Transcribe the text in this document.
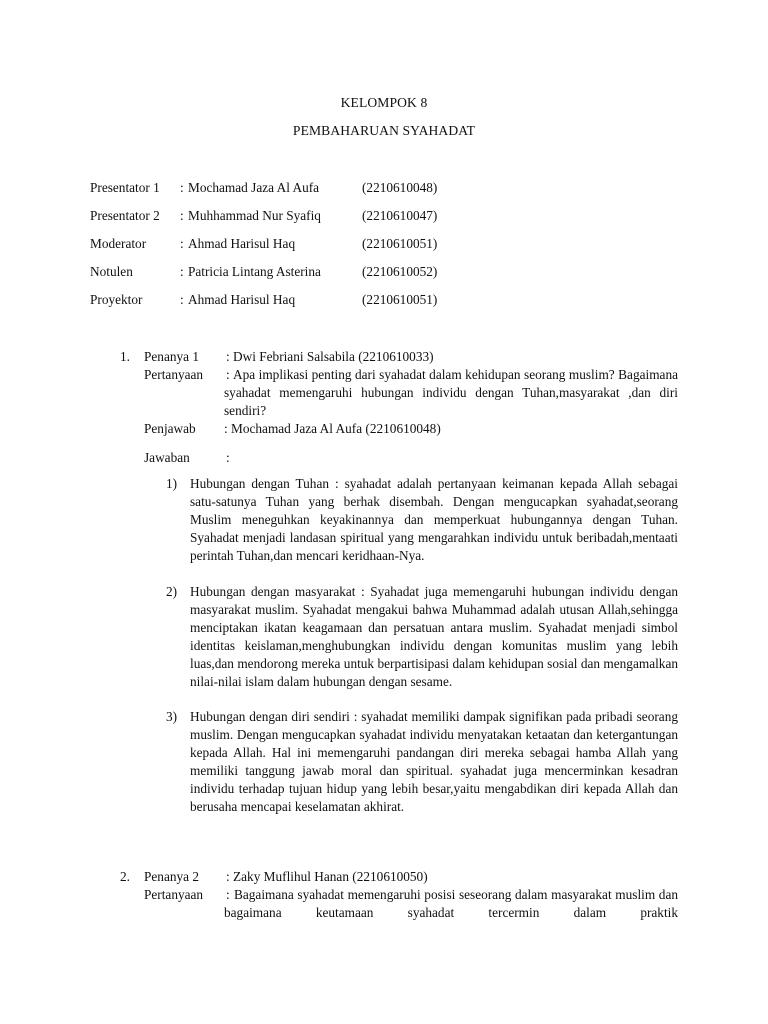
KELOMPOK 8
PEMBAHARUAN SYAHADAT
Presentator 1 : Mochamad Jaza Al Aufa	(2210610048)
Presentator 2 : Muhhammad Nur Syafiq	(2210610047)
Moderator	: Ahmad Harisul Haq	(2210610051)
Notulen	: Patricia Lintang Asterina	(2210610052)
Proyektor	: Ahmad Harisul Haq	(2210610051)
1. Penanya 1 : Dwi Febriani Salsabila (2210610033)
Pertanyaan : Apa implikasi penting dari syahadat dalam kehidupan seorang muslim? Bagaimana syahadat memengaruhi hubungan individu dengan Tuhan,masyarakat ,dan diri sendiri?
Penjawab : Mochamad Jaza Al Aufa (2210610048)
Jawaban	:
1) Hubungan dengan Tuhan : syahadat adalah pertanyaan keimanan kepada Allah sebagai satu-satunya Tuhan yang berhak disembah. Dengan mengucapkan syahadat,seorang Muslim meneguhkan keyakinannya dan memperkuat hubungannya dengan Tuhan. Syahadat menjadi landasan spiritual yang mengarahkan individu untuk beribadah,mentaati perintah Tuhan,dan mencari keridhaan-Nya.
2) Hubungan dengan masyarakat : Syahadat juga memengaruhi hubungan individu dengan masyarakat muslim. Syahadat mengakui bahwa Muhammad adalah utusan Allah,sehingga menciptakan ikatan keagamaan dan persatuan antara muslim. Syahadat menjadi simbol identitas keislaman,menghubungkan individu dengan komunitas muslim yang lebih luas,dan mendorong mereka untuk berpartisipasi dalam kehidupan sosial dan mengamalkan nilai-nilai islam dalam hubungan dengan sesame.
3) Hubungan dengan diri sendiri : syahadat memiliki dampak signifikan pada pribadi seorang muslim. Dengan mengucapkan syahadat individu menyatakan ketaatan dan ketergantungan kepada Allah. Hal ini memengaruhi pandangan diri mereka sebagai hamba Allah yang memiliki tanggung jawab moral dan spiritual. syahadat juga mencerminkan kesadran individu terhadap tujuan hidup yang lebih besar,yaitu mengabdikan diri kepada Allah dan berusaha mencapai keselamatan akhirat.
2. Penanya 2 : Zaky Muflihul Hanan (2210610050)
Pertanyaan : Bagaimana syahadat memengaruhi posisi seseorang dalam masyarakat muslim dan bagaimana keutamaan syahadat tercermin dalam praktik
